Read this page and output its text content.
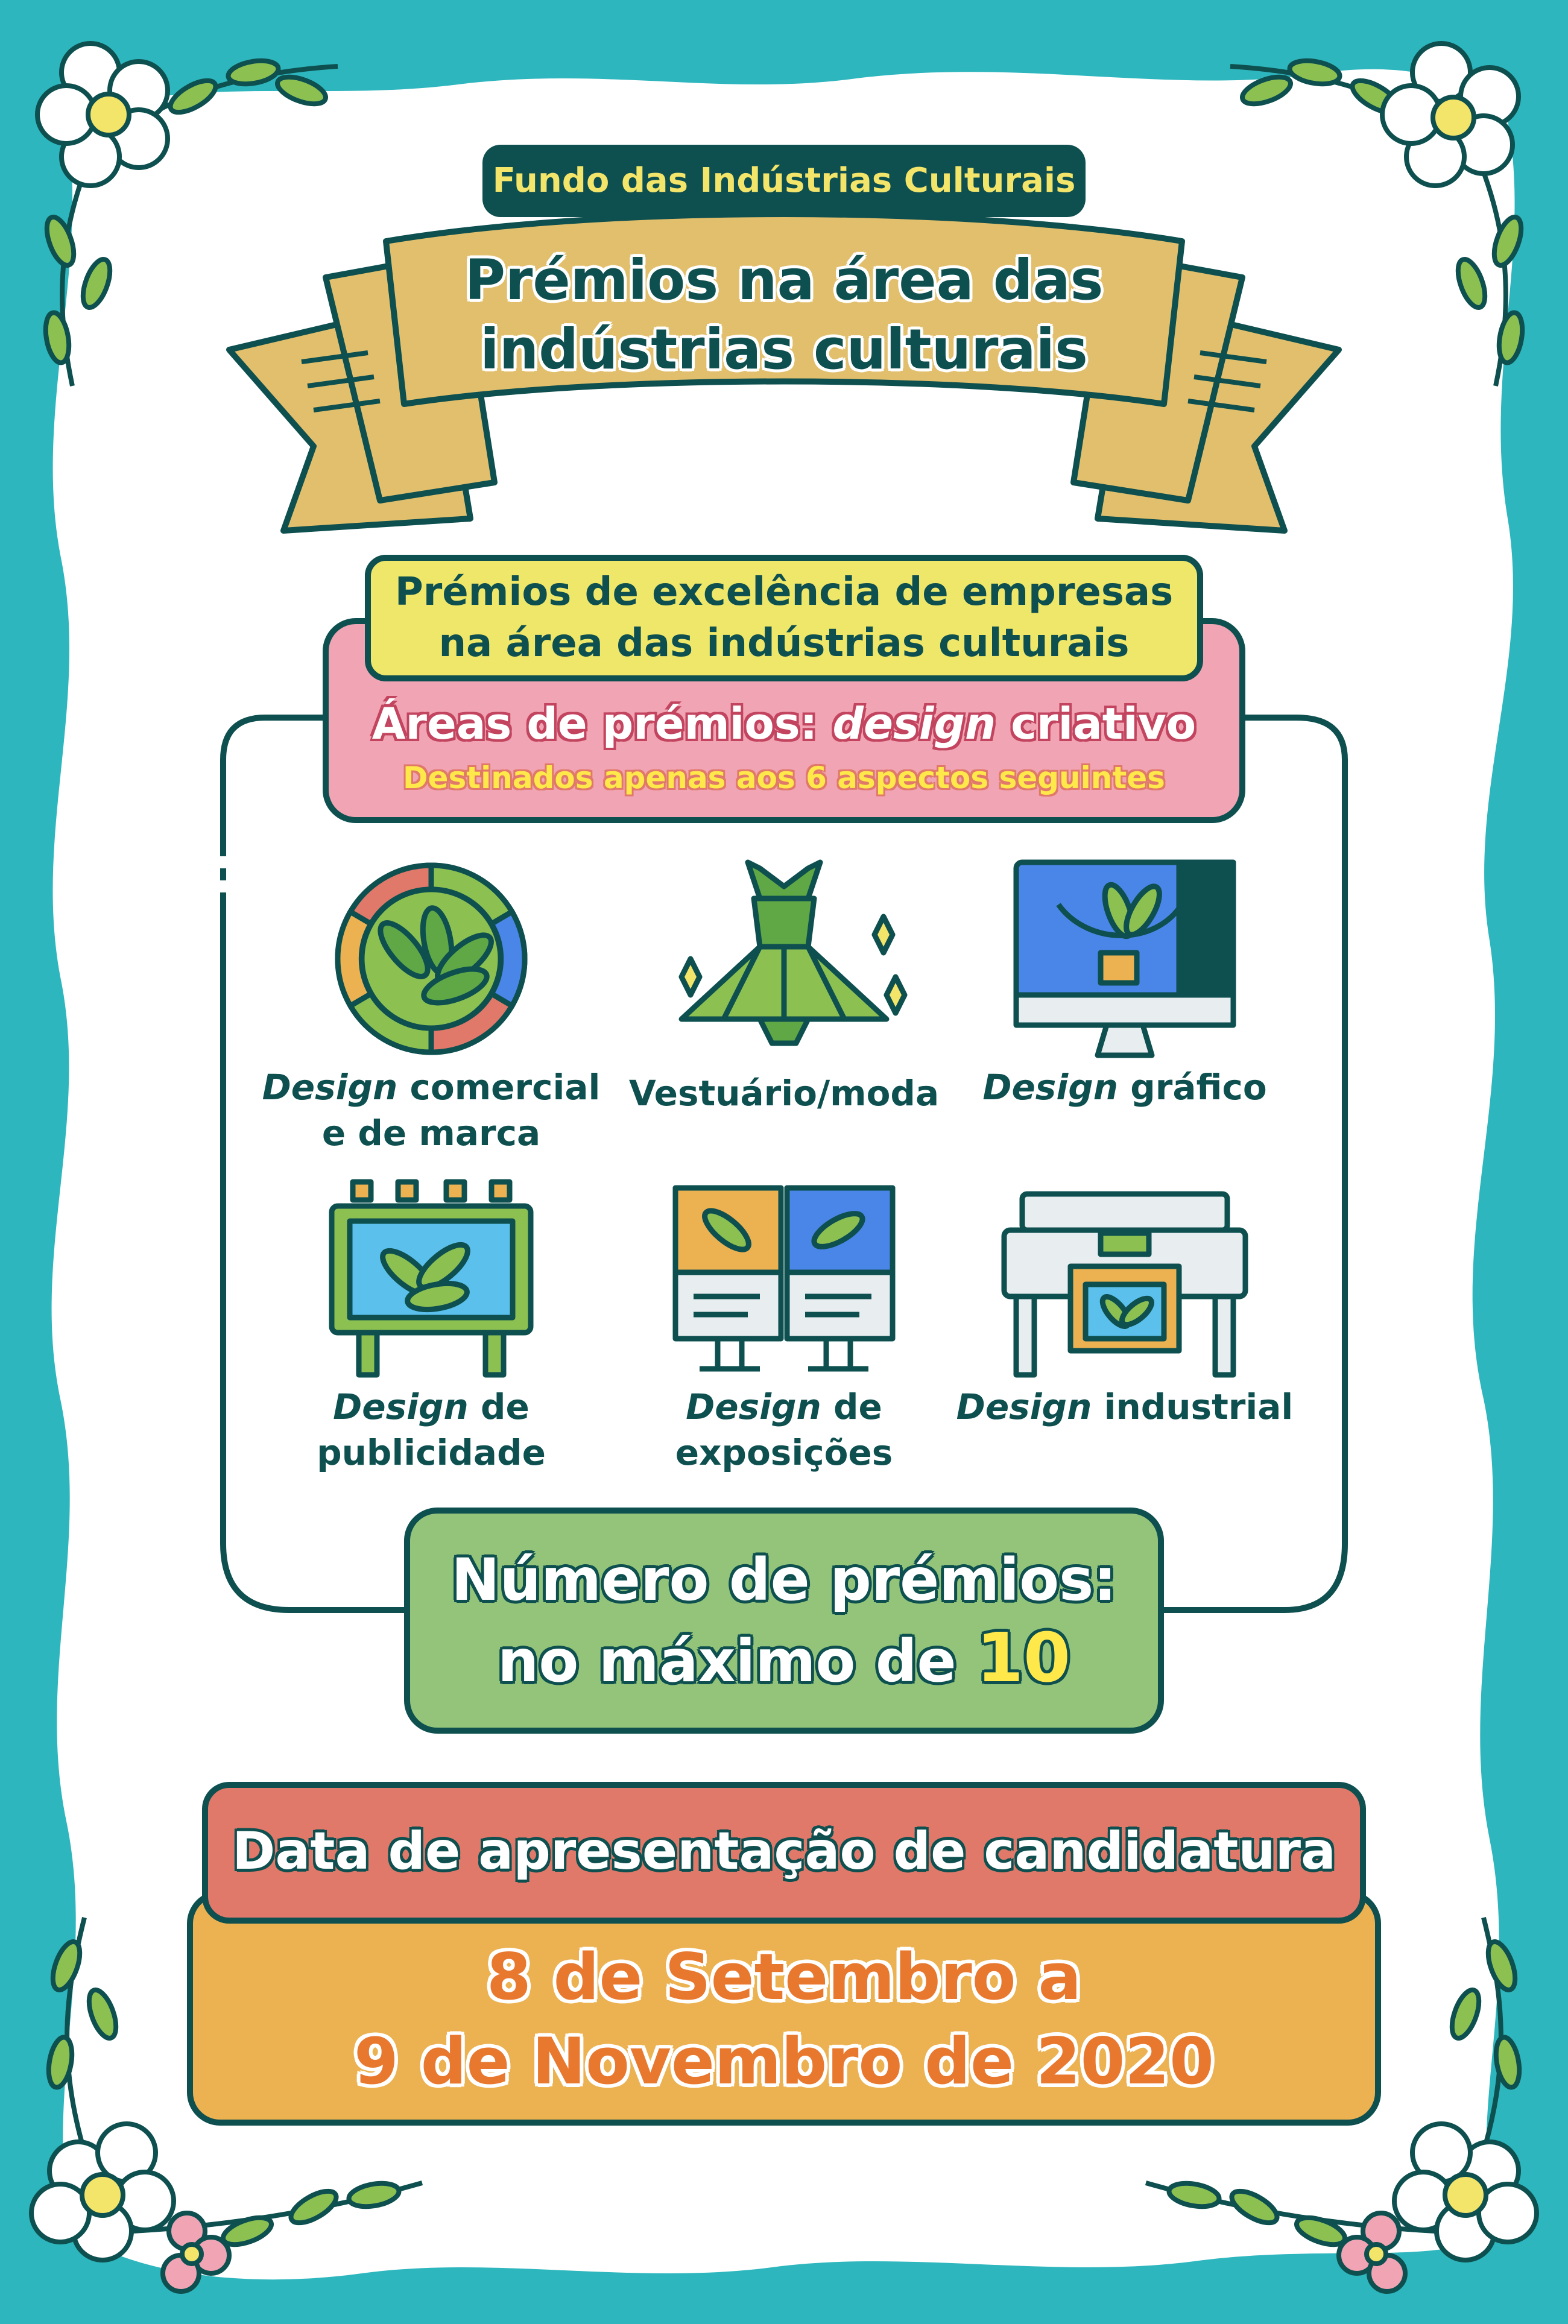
Fundo das Indústrias Culturais
Prémios na área das
indústrias culturais
Prémios de excelência de empresas
na área das indústrias culturais
Áreas de prémios: design criativo
Destinados apenas aos 6 aspectos seguintes
Design comercial
e de marca
Vestuário/moda	Design gráfico
Design de
publicidade
Design de
exposições
Design industrial
Número de prémios:
no máximo de 10
Data de apresentação de candidatura
8 de Setembro a
9 de Novembro de 2020
